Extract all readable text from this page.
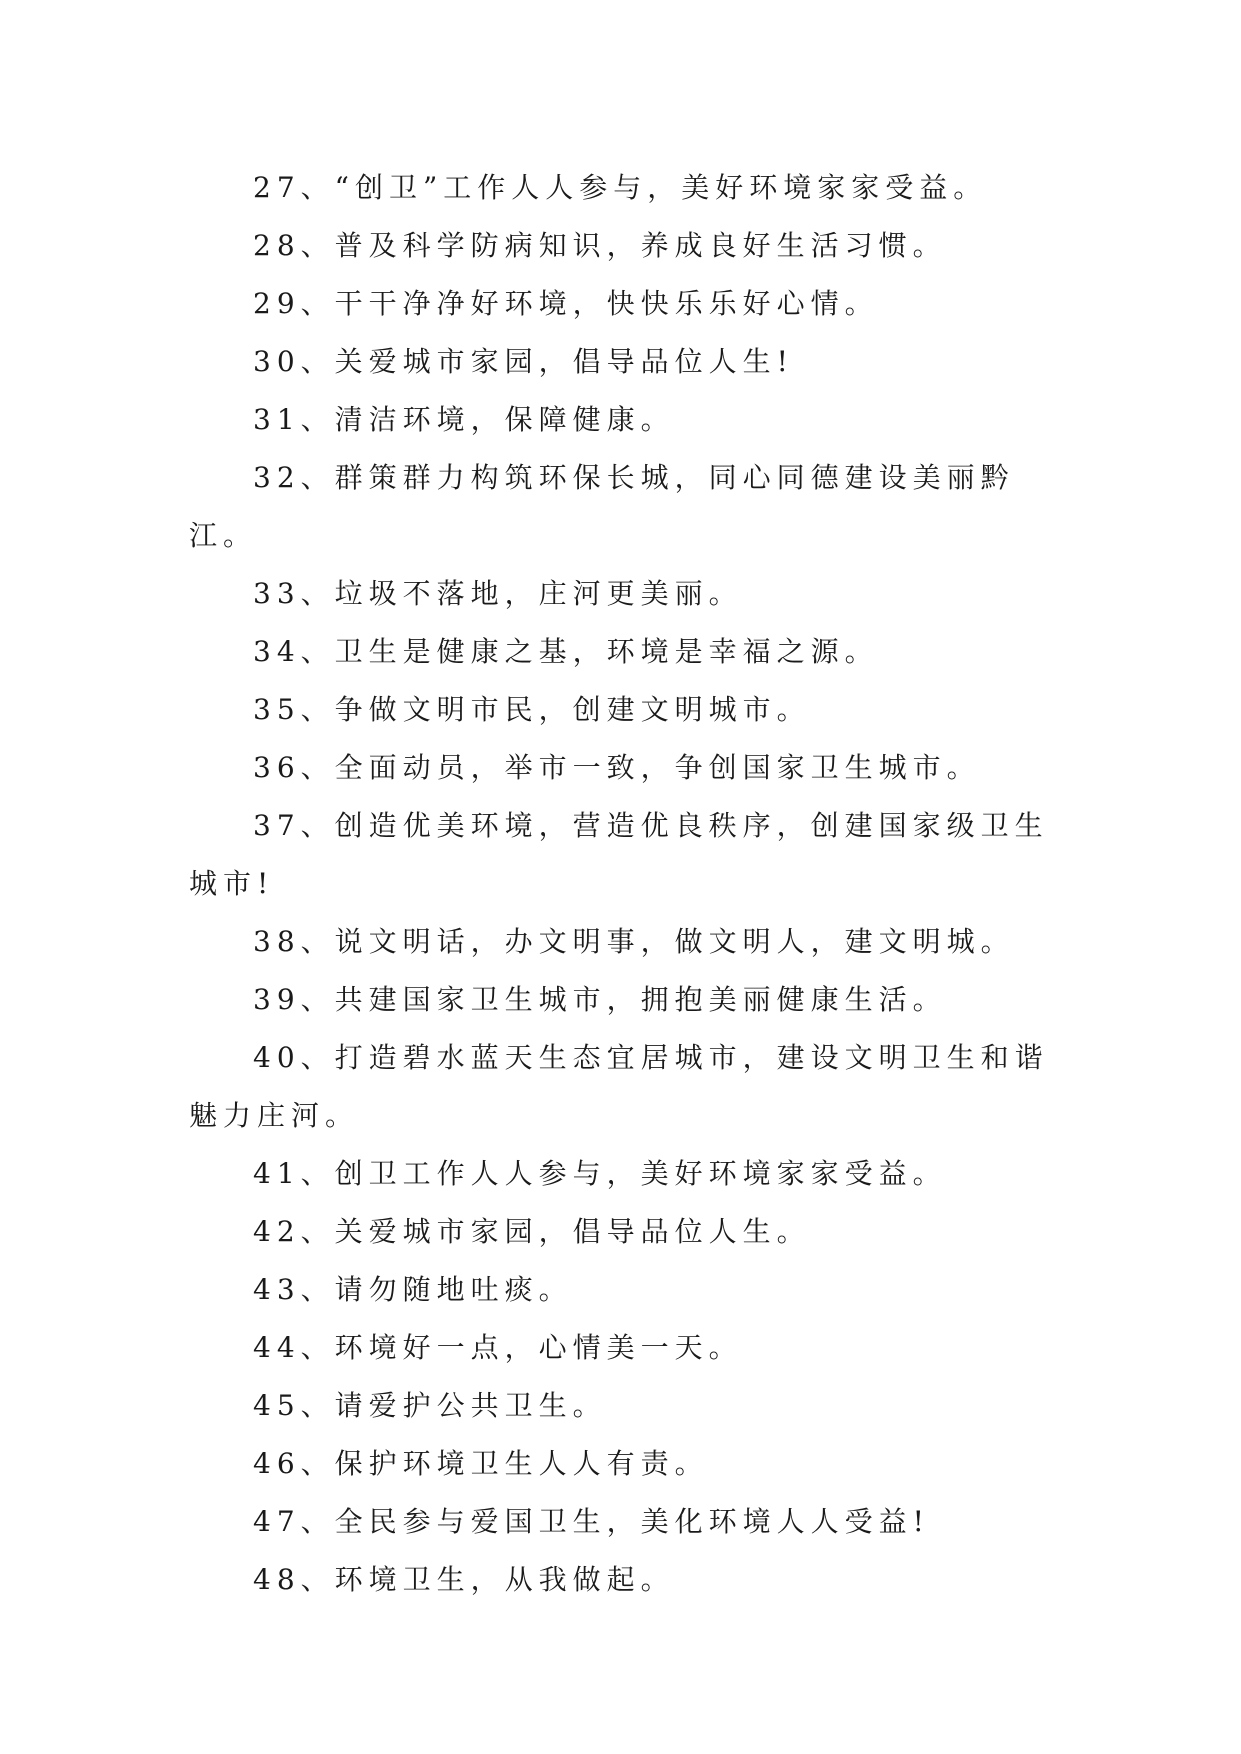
27、“创卫”工作人人参与，美好环境家家受益。

28、普及科学防病知识，养成良好生活习惯。

29、干干净净好环境，快快乐乐好心情。

30、关爱城市家园，倡导品位人生!

31、清洁环境，保障健康。

32、群策群力构筑环保长城，同心同德建设美丽黔江。

33、垃圾不落地，庄河更美丽。

34、卫生是健康之基，环境是幸福之源。

35、争做文明市民，创建文明城市。

36、全面动员，举市一致，争创国家卫生城市。

37、创造优美环境，营造优良秩序，创建国家级卫生城市!

38、说文明话，办文明事，做文明人，建文明城。

39、共建国家卫生城市，拥抱美丽健康生活。

40、打造碧水蓝天生态宜居城市，建设文明卫生和谐魅力庄河。

41、创卫工作人人参与，美好环境家家受益。

42、关爱城市家园，倡导品位人生。

43、请勿随地吐痰。

44、环境好一点，心情美一天。

45、请爱护公共卫生。

46、保护环境卫生人人有责。

47、全民参与爱国卫生，美化环境人人受益!

48、环境卫生，从我做起。
